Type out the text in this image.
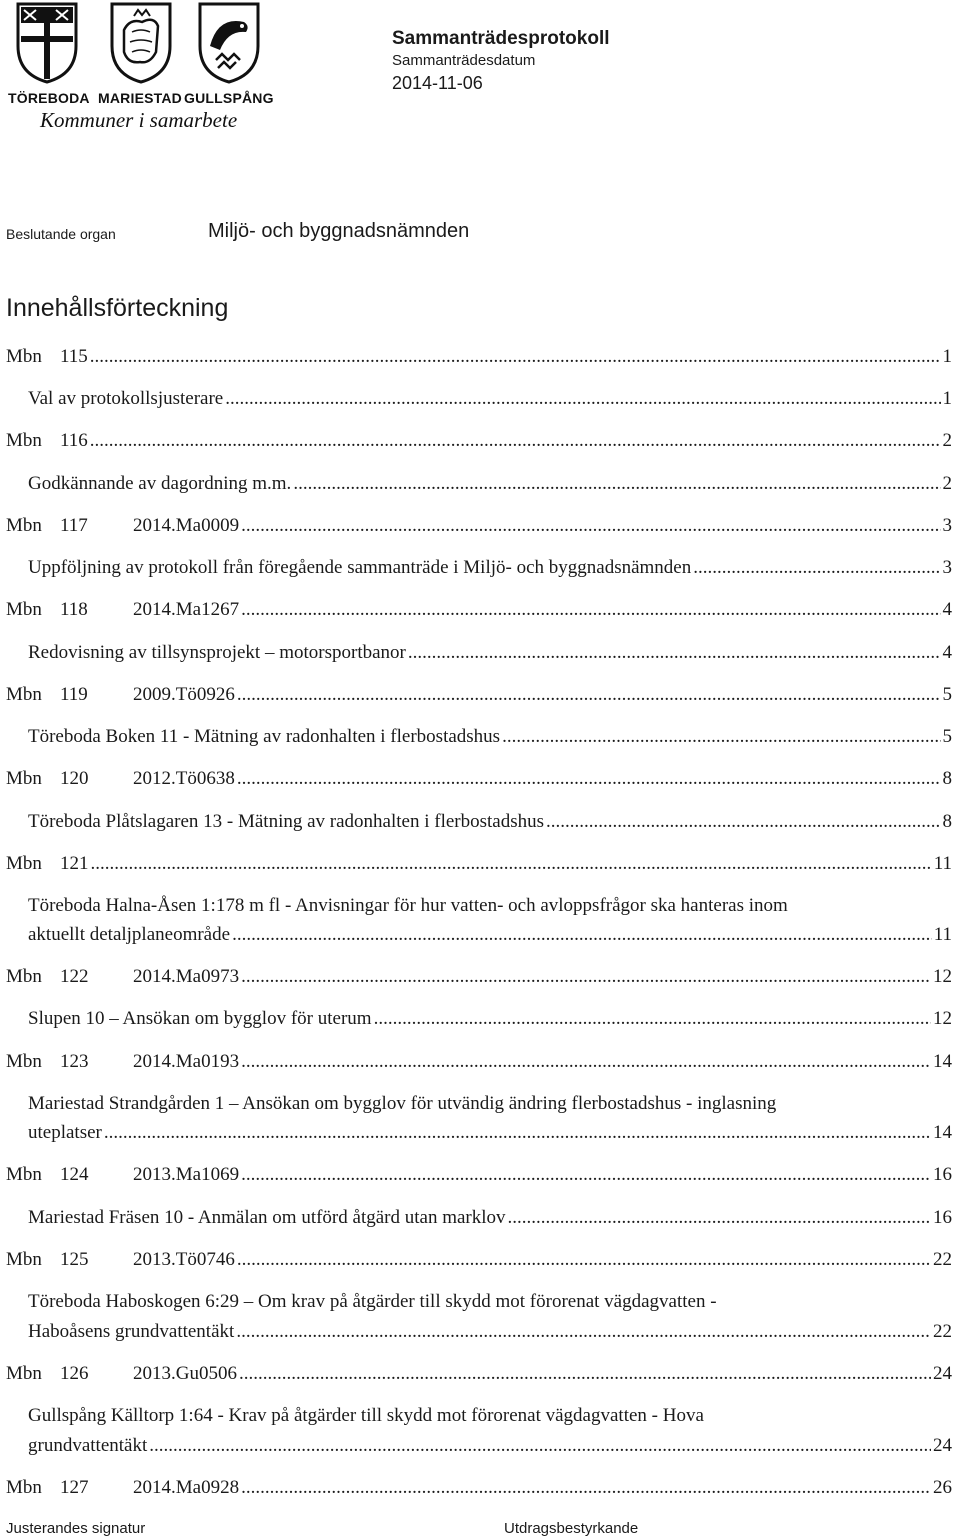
TÖREBODA MARIESTAD GULLSPÅNG
Kommuner i samarbete
Sammanträdesprotokoll
Sammanträdesdatum
2014-11-06
Beslutande organ	Miljö- och byggnadsnämnden
Innehållsförteckning
Mbn 115 .....	1
Val av protokollsjusterare .....	1
Mbn 116 .....	2
Godkännande av dagordning m.m. .....	2
Mbn 117 2014.Ma0009 .....	3
Uppföljning av protokoll från föregående sammanträde i Miljö- och byggnadsnämnden .....	3
Mbn 118 2014.Ma1267 .....	4
Redovisning av tillsynsprojekt – motorsportbanor .....	4
Mbn 119 2009.Tö0926 .....	5
Töreboda Boken 11 - Mätning av radonhalten i flerbostadshus .....	5
Mbn 120 2012.Tö0638 .....	8
Töreboda Plåtslagaren 13 - Mätning av radonhalten i flerbostadshus .....	8
Mbn 121 .....	11
Töreboda Halna-Åsen 1:178 m fl - Anvisningar för hur vatten- och avloppsfrågor ska hanteras inom
aktuellt detaljplaneområde .....	11
Mbn 122 2014.Ma0973 .....	12
Slupen 10 – Ansökan om bygglov för uterum .....	12
Mbn 123 2014.Ma0193 .....	14
Mariestad Strandgården 1 – Ansökan om bygglov för utvändig ändring flerbostadshus - inglasning
uteplatser .....	14
Mbn 124 2013.Ma1069 .....	16
Mariestad Fräsen 10 - Anmälan om utförd åtgärd utan marklov .....	16
Mbn 125 2013.Tö0746 .....	22
Töreboda Haboskogen 6:29 – Om krav på åtgärder till skydd mot förorenat vägdagvatten -
Haboåsens grundvattentäkt .....	22
Mbn 126 2013.Gu0506 .....	24
Gullspång Källtorp 1:64 - Krav på åtgärder till skydd mot förorenat vägdagvatten - Hova
grundvattentäkt .....	24
Mbn 127 2014.Ma0928 .....	26
Justerandes signatur	Utdragsbestyrkande
